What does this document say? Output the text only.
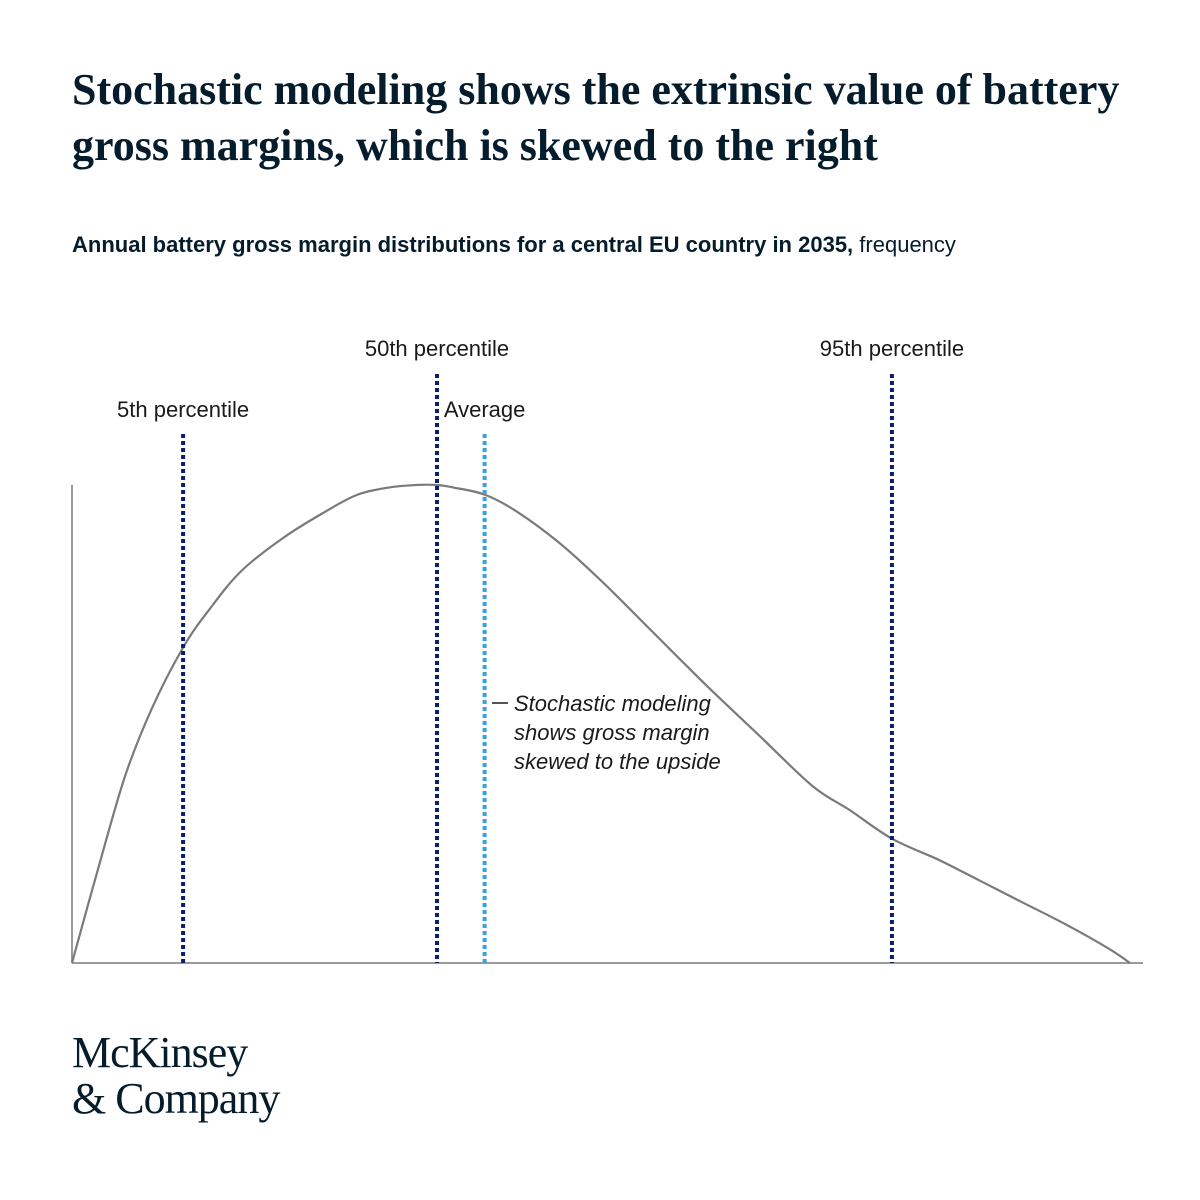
Stochastic modeling shows the extrinsic value of battery gross margins, which is skewed to the right
Annual battery gross margin distributions for a central EU country in 2035, frequency
5th percentile
50th percentile
Average
95th percentile
Stochastic modeling
shows gross margin
skewed to the upside
McKinsey
& Company
